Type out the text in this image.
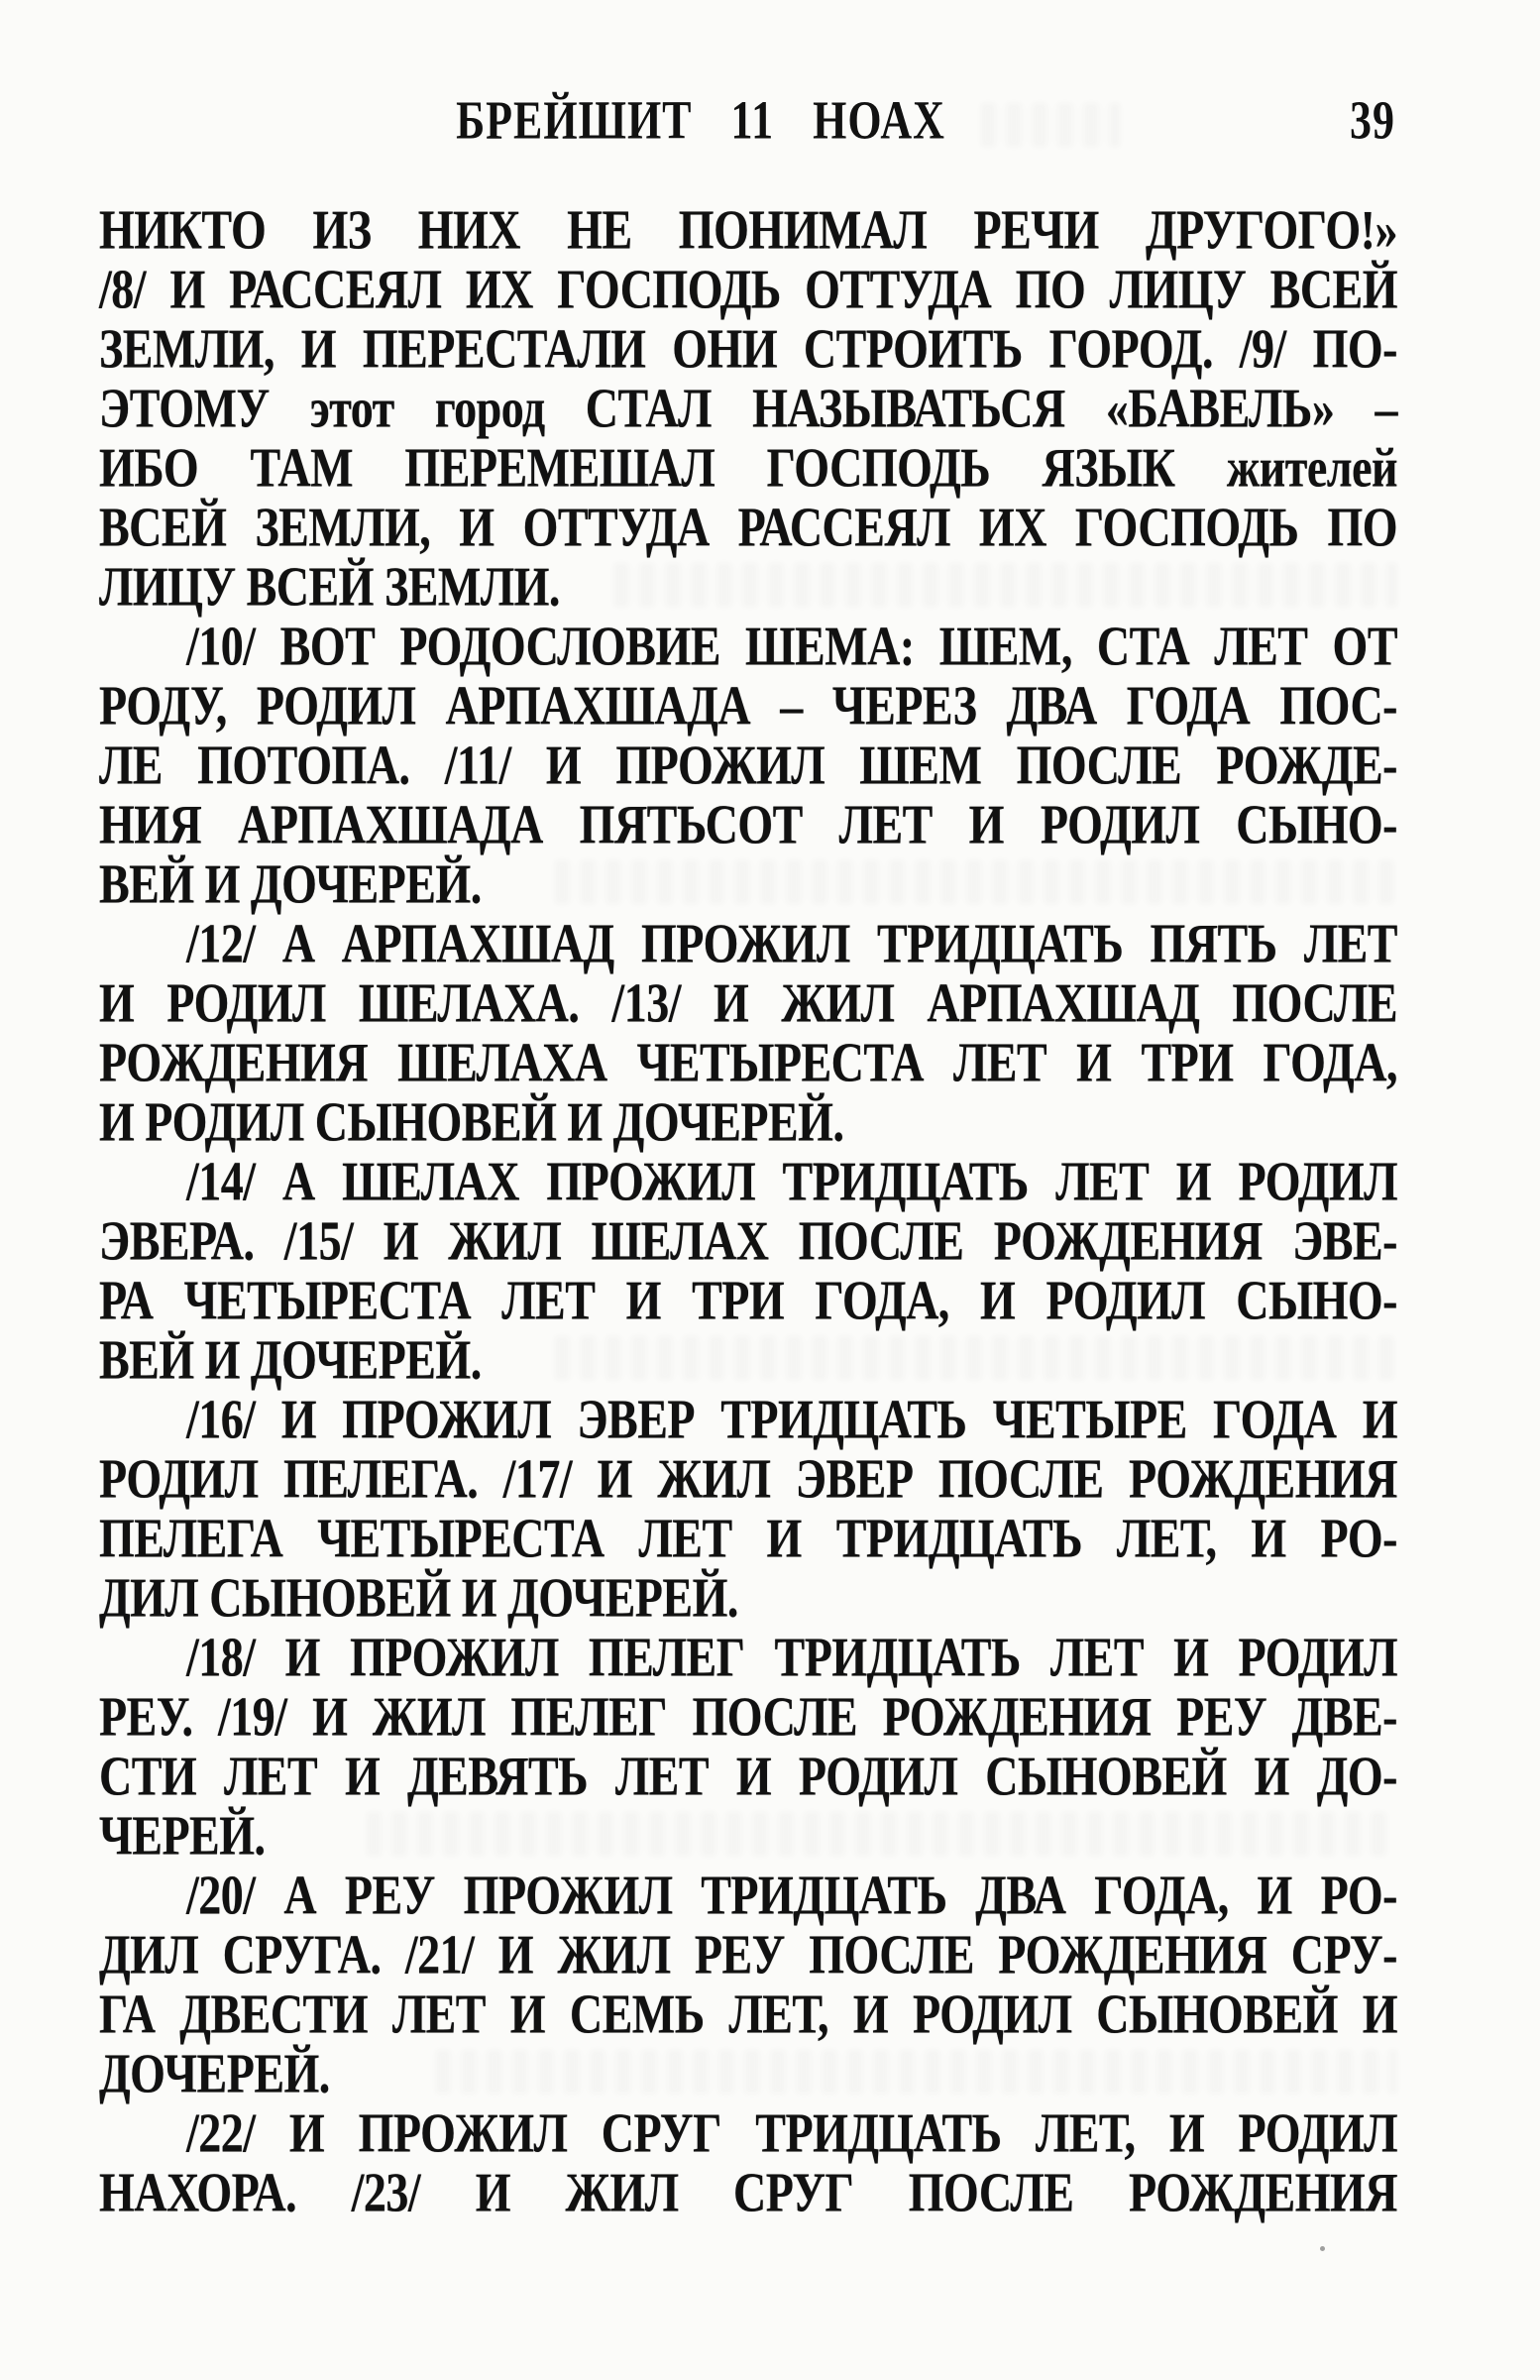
БРЕЙШИТ 11 НОАХ	39
НИКТО ИЗ НИХ НЕ ПОНИМАЛ РЕЧИ ДРУГОГО!»
/8/ И РАССЕЯЛ ИХ ГОСПОДЬ ОТТУДА ПО ЛИЦУ ВСЕЙ
ЗЕМЛИ, И ПЕРЕСТАЛИ ОНИ СТРОИТЬ ГОРОД. /9/ ПО-
ЭТОМУ этот город СТАЛ НАЗЫВАТЬСЯ «БАВЕЛЬ» –
ИБО ТАМ ПЕРЕМЕШАЛ ГОСПОДЬ ЯЗЫК жителей
ВСЕЙ ЗЕМЛИ, И ОТТУДА РАССЕЯЛ ИХ ГОСПОДЬ ПО
ЛИЦУ ВСЕЙ ЗЕМЛИ.
/10/ ВОТ РОДОСЛОВИЕ ШЕМА: ШЕМ, СТА ЛЕТ ОТ
РОДУ, РОДИЛ АРПАХШАДА – ЧЕРЕЗ ДВА ГОДА ПОС-
ЛЕ ПОТОПА. /11/ И ПРОЖИЛ ШЕМ ПОСЛЕ РОЖДЕ-
НИЯ АРПАХШАДА ПЯТЬСОТ ЛЕТ И РОДИЛ СЫНО-
ВЕЙ И ДОЧЕРЕЙ.
/12/ А АРПАХШАД ПРОЖИЛ ТРИДЦАТЬ ПЯТЬ ЛЕТ
И РОДИЛ ШЕЛАХА. /13/ И ЖИЛ АРПАХШАД ПОСЛЕ
РОЖДЕНИЯ ШЕЛАХА ЧЕТЫРЕСТА ЛЕТ И ТРИ ГОДА,
И РОДИЛ СЫНОВЕЙ И ДОЧЕРЕЙ.
/14/ А ШЕЛАХ ПРОЖИЛ ТРИДЦАТЬ ЛЕТ И РОДИЛ
ЭВЕРА. /15/ И ЖИЛ ШЕЛАХ ПОСЛЕ РОЖДЕНИЯ ЭВЕ-
РА ЧЕТЫРЕСТА ЛЕТ И ТРИ ГОДА, И РОДИЛ СЫНО-
ВЕЙ И ДОЧЕРЕЙ.
/16/ И ПРОЖИЛ ЭВЕР ТРИДЦАТЬ ЧЕТЫРЕ ГОДА И
РОДИЛ ПЕЛЕГА. /17/ И ЖИЛ ЭВЕР ПОСЛЕ РОЖДЕНИЯ
ПЕЛЕГА ЧЕТЫРЕСТА ЛЕТ И ТРИДЦАТЬ ЛЕТ, И РО-
ДИЛ СЫНОВЕЙ И ДОЧЕРЕЙ.
/18/ И ПРОЖИЛ ПЕЛЕГ ТРИДЦАТЬ ЛЕТ И РОДИЛ
РЕУ. /19/ И ЖИЛ ПЕЛЕГ ПОСЛЕ РОЖДЕНИЯ РЕУ ДВЕ-
СТИ ЛЕТ И ДЕВЯТЬ ЛЕТ И РОДИЛ СЫНОВЕЙ И ДО-
ЧЕРЕЙ.
/20/ А РЕУ ПРОЖИЛ ТРИДЦАТЬ ДВА ГОДА, И РО-
ДИЛ СРУГА. /21/ И ЖИЛ РЕУ ПОСЛЕ РОЖДЕНИЯ СРУ-
ГА ДВЕСТИ ЛЕТ И СЕМЬ ЛЕТ, И РОДИЛ СЫНОВЕЙ И
ДОЧЕРЕЙ.
/22/ И ПРОЖИЛ СРУГ ТРИДЦАТЬ ЛЕТ, И РОДИЛ
НАХОРА. /23/ И ЖИЛ СРУГ ПОСЛЕ РОЖДЕНИЯ
